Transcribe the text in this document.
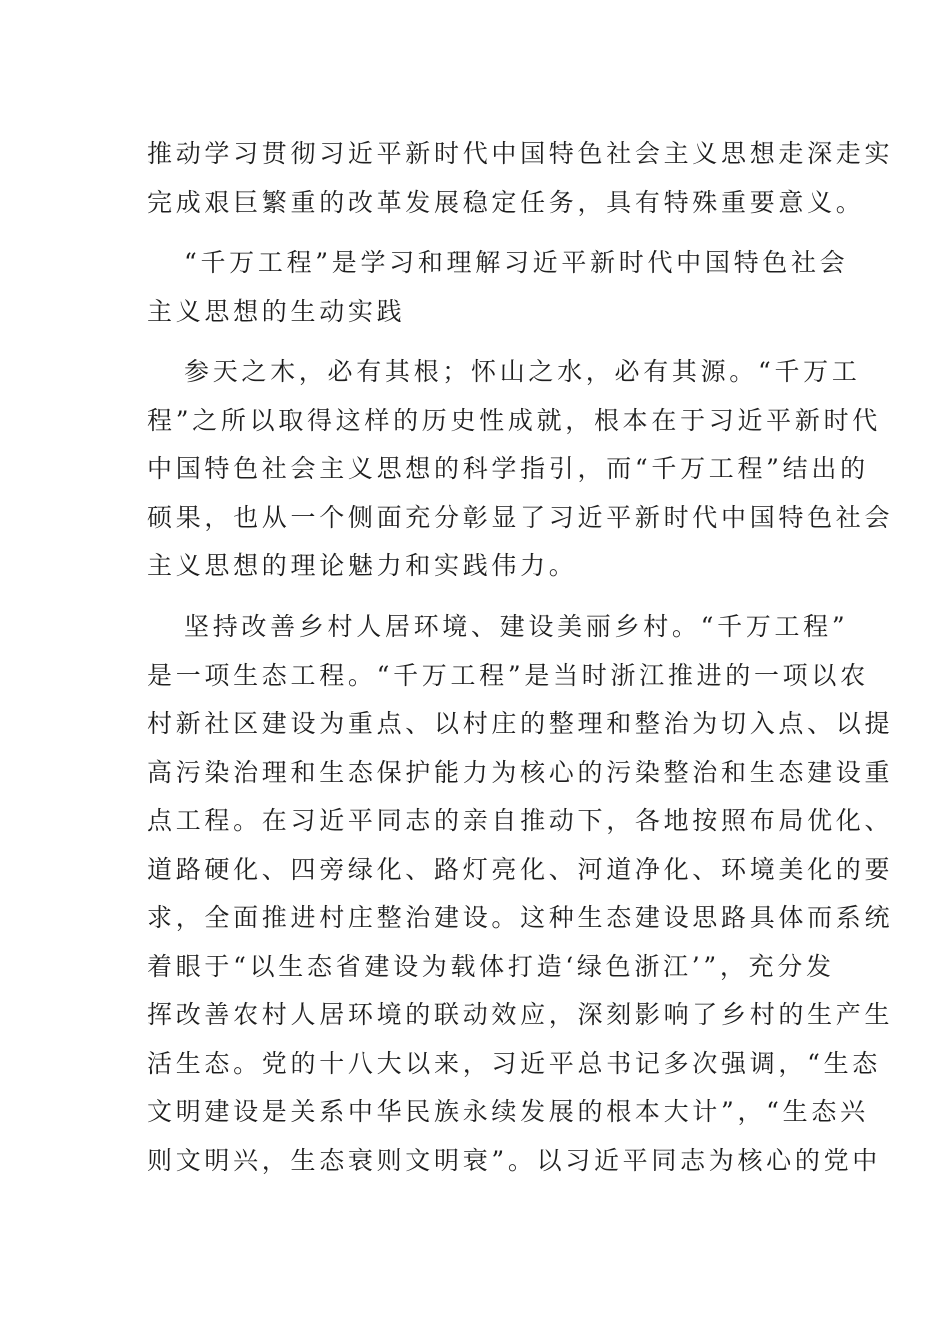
推动学习贯彻习近平新时代中国特色社会主义思想走深走实
完成艰巨繁重的改革发展稳定任务，具有特殊重要意义。
“千万工程”是学习和理解习近平新时代中国特色社会
主义思想的生动实践
参天之木，必有其根；怀山之水，必有其源。“千万工
程”之所以取得这样的历史性成就，根本在于习近平新时代
中国特色社会主义思想的科学指引，而“千万工程”结出的
硕果，也从一个侧面充分彰显了习近平新时代中国特色社会
主义思想的理论魅力和实践伟力。
坚持改善乡村人居环境、建设美丽乡村。“千万工程”
是一项生态工程。“千万工程”是当时浙江推进的一项以农
村新社区建设为重点、以村庄的整理和整治为切入点、以提
高污染治理和生态保护能力为核心的污染整治和生态建设重
点工程。在习近平同志的亲自推动下，各地按照布局优化、
道路硬化、四旁绿化、路灯亮化、河道净化、环境美化的要
求，全面推进村庄整治建设。这种生态建设思路具体而系统
着眼于“以生态省建设为载体打造‘绿色浙江’”，充分发
挥改善农村人居环境的联动效应，深刻影响了乡村的生产生
活生态。党的十八大以来，习近平总书记多次强调，“生态
文明建设是关系中华民族永续发展的根本大计”，“生态兴
则文明兴，生态衰则文明衰”。以习近平同志为核心的党中
